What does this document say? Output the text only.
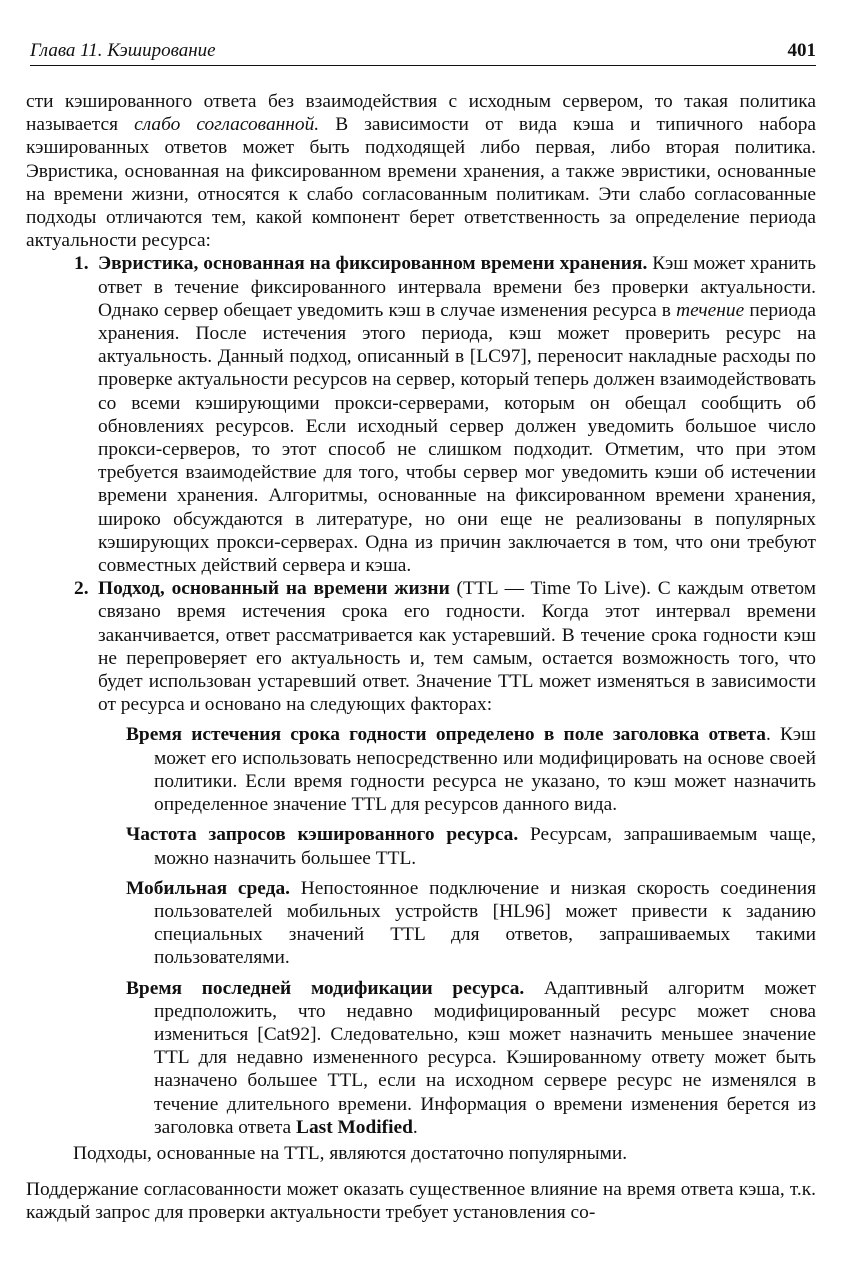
Глава 11. Кэширование	401

сти кэшированного ответа без взаимодействия с исходным сервером, то такая политика называется слабо согласованной. В зависимости от вида кэша и типичного набора кэшированных ответов может быть подходящей либо первая, либо вторая политика. Эвристика, основанная на фиксированном времени хранения, а также эвристики, основанные на времени жизни, относятся к слабо согласованным политикам. Эти слабо согласованные подходы отличаются тем, какой компонент берет ответственность за определение периода актуальности ресурса:

1. Эвристика, основанная на фиксированном времени хранения. Кэш может хранить ответ в течение фиксированного интервала времени без проверки актуальности. Однако сервер обещает уведомить кэш в случае изменения ресурса в течение периода хранения. После истечения этого периода, кэш может проверить ресурс на актуальность. Данный подход, описанный в [LC97], переносит накладные расходы по проверке актуальности ресурсов на сервер, который теперь должен взаимодействовать со всеми кэширующими прокси-серверами, которым он обещал сообщить об обновлениях ресурсов. Если исходный сервер должен уведомить большое число прокси-серверов, то этот способ не слишком подходит. Отметим, что при этом требуется взаимодействие для того, чтобы сервер мог уведомить кэши об истечении времени хранения. Алгоритмы, основанные на фиксированном времени хранения, широко обсуждаются в литературе, но они еще не реализованы в популярных кэширующих прокси-серверах. Одна из причин заключается в том, что они требуют совместных действий сервера и кэша.
2. Подход, основанный на времени жизни (TTL — Time To Live). С каждым ответом связано время истечения срока его годности. Когда этот интервал времени заканчивается, ответ рассматривается как устаревший. В течение срока годности кэш не перепроверяет его актуальность и, тем самым, остается возможность того, что будет использован устаревший ответ. Значение TTL может изменяться в зависимости от ресурса и основано на следующих факторах:

Время истечения срока годности определено в поле заголовка ответа. Кэш может его использовать непосредственно или модифицировать на основе своей политики. Если время годности ресурса не указано, то кэш может назначить определенное значение TTL для ресурсов данного вида.

Частота запросов кэшированного ресурса. Ресурсам, запрашиваемым чаще, можно назначить большее TTL.

Мобильная среда. Непостоянное подключение и низкая скорость соединения пользователей мобильных устройств [HL96] может привести к заданию специальных значений TTL для ответов, запрашиваемых такими пользователями.

Время последней модификации ресурса. Адаптивный алгоритм может предположить, что недавно модифицированный ресурс может снова измениться [Cat92]. Следовательно, кэш может назначить меньшее значение TTL для недавно измененного ресурса. Кэшированному ответу может быть назначено большее TTL, если на исходном сервере ресурс не изменялся в течение длительного времени. Информация о времени изменения берется из заголовка ответа Last Modified.

Подходы, основанные на TTL, являются достаточно популярными.

Поддержание согласованности может оказать существенное влияние на время ответа кэша, т.к. каждый запрос для проверки актуальности требует установления со-
